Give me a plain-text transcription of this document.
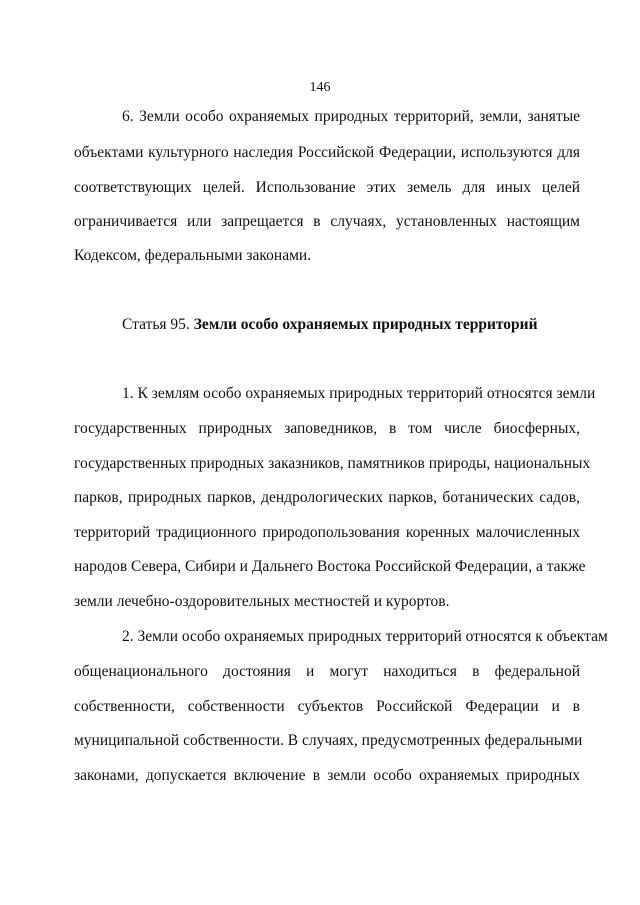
146
6. Земли особо охраняемых природных территорий, земли, занятые
объектами культурного наследия Российской Федерации, используются для
соответствующих целей. Использование этих земель для иных целей
ограничивается или запрещается в случаях, установленных настоящим
Кодексом, федеральными законами.
Статья 95. Земли особо охраняемых природных территорий
1. К землям особо охраняемых природных территорий относятся земли
государственных природных заповедников, в том числе биосферных,
государственных природных заказников, памятников природы, национальных
парков, природных парков, дендрологических парков, ботанических садов,
территорий традиционного природопользования коренных малочисленных
народов Севера, Сибири и Дальнего Востока Российской Федерации, а также
земли лечебно-оздоровительных местностей и курортов.
2. Земли особо охраняемых природных территорий относятся к объектам
общенационального достояния и могут находиться в федеральной
собственности, собственности субъектов Российской Федерации и в
муниципальной собственности. В случаях, предусмотренных федеральными
законами, допускается включение в земли особо охраняемых природных
